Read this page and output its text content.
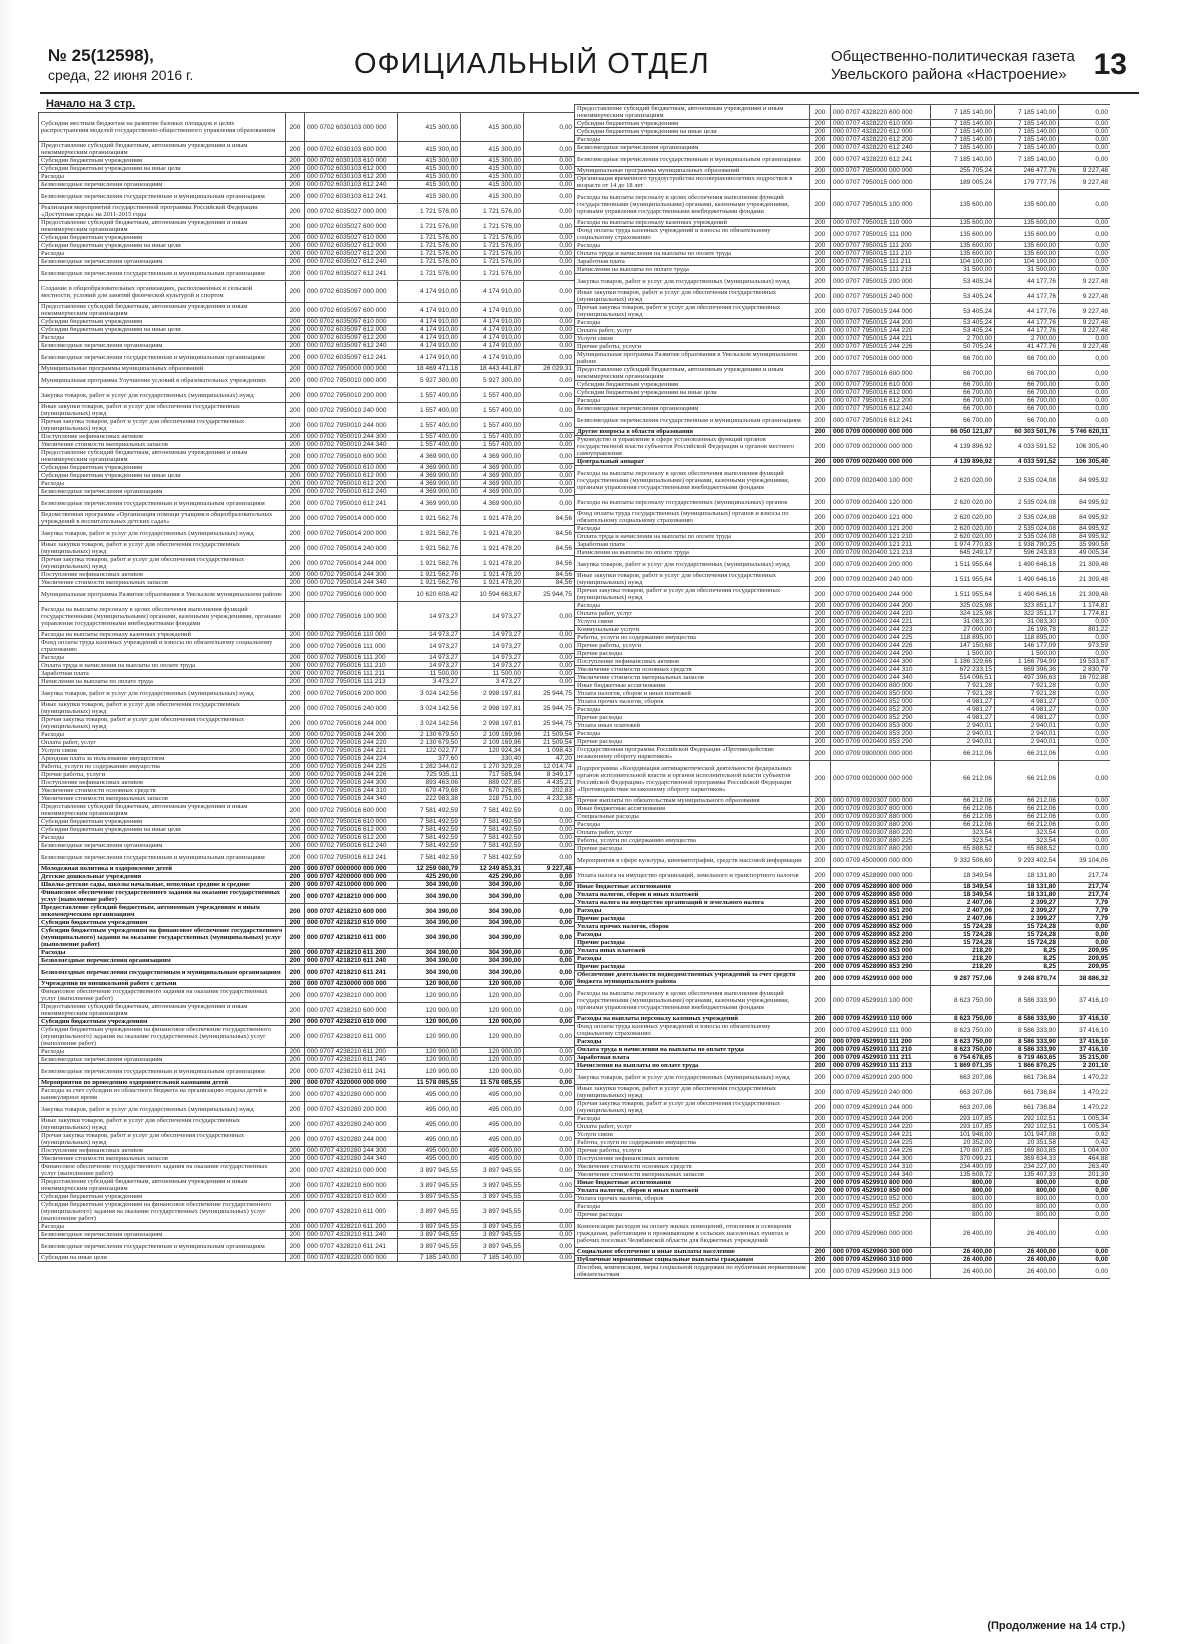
№ 25(12598),
среда, 22 июня 2016 г.	ОФИЦИАЛЬНЫЙ ОТДЕЛ	Общественно-политическая газета
Увельского района «Настроение» 13
Начало на 3 стр.
Субсидии местным бюджетам на развитие базовых площадок в целях распространения моделей государственно-общественного управления образованием	200	000 0702 6030103 000 000	415 300,00	415 300,00	0,00
Предоставление субсидий бюджетным, автономным учреждениям и иным некоммерческим организациям	200	000 0702 6030103 600 000	415 300,00	415 300,00	0,00
Субсидии бюджетным учреждениям	200	000 0702 6030103 610 000	415 300,00	415 300,00	0,00
Субсидии бюджетным учреждениям на иные цели	200	000 0702 6030103 612 000	415 300,00	415 300,00	0,00
Расходы	200	000 0702 6030103 612 200	415 300,00	415 300,00	0,00
Безвозмездные перечисления организациям	200	000 0702 6030103 612 240	415 300,00	415 300,00	0,00
Безвозмездные перечисления государственным и муниципальным организациям	200	000 0702 6030103 612 241	415 300,00	415 300,00	0,00
Реализация мероприятий государственной программы Российской Федерации «Доступная среда» на 2011-2015 годы	200	000 0702 6035027 000 000	1 721 576,00	1 721 576,00	0,00
Предоставление субсидий бюджетным, автономным учреждениям и иным некоммерческим организациям	200	000 0702 6035027 600 000	1 721 576,00	1 721 576,00	0,00
Субсидии бюджетным учреждениям	200	000 0702 6035027 610 000	1 721 576,00	1 721 576,00	0,00
Субсидии бюджетным учреждениям на иные цели	200	000 0702 6035027 612 000	1 721 576,00	1 721 576,00	0,00
Расходы	200	000 0702 6035027 612 200	1 721 576,00	1 721 576,00	0,00
Безвозмездные перечисления организациям	200	000 0702 6035027 612 240	1 721 576,00	1 721 576,00	0,00
Безвозмездные перечисления государственным и муниципальным организациям	200	000 0702 6035027 612 241	1 721 576,00	1 721 576,00	0,00
Создание в общеобразовательных организациях, расположенных в сельской местности, условий для занятий физической культурой и спортом	200	000 0702 6035097 000 000	4 174 910,00	4 174 910,00	0,00
Предоставление субсидий бюджетным, автономным учреждениям и иным некоммерческим организациям	200	000 0702 6035097 600 000	4 174 910,00	4 174 910,00	0,00
Субсидии бюджетным учреждениям	200	000 0702 6035097 610 000	4 174 910,00	4 174 910,00	0,00
Субсидии бюджетным учреждениям на иные цели	200	000 0702 6035097 612 000	4 174 910,00	4 174 910,00	0,00
Расходы	200	000 0702 6035097 612 200	4 174 910,00	4 174 910,00	0,00
Безвозмездные перечисления организациям	200	000 0702 6035097 612 240	4 174 910,00	4 174 910,00	0,00
Безвозмездные перечисления государственным и муниципальным организациям	200	000 0702 6035097 612 241	4 174 910,00	4 174 910,00	0,00
Муниципальные программы муниципальных образований	200	000 0702 7950000 000 000	18 469 471,18	18 443 441,87	26 029,31
Муниципальная программа Улучшение условий в образовательных учреждениях	200	000 0702 7950010 000 000	5 927 300,00	5 927 300,00	0,00
Закупка товаров, работ и услуг для государственных (муниципальных) нужд	200	000 0702 7950010 200 000	1 557 400,00	1 557 400,00	0,00
Иные закупки товаров, работ и услуг для обеспечения государственных (муниципальных) нужд	200	000 0702 7950010 240 000	1 557 400,00	1 557 400,00	0,00
Прочая закупка товаров, работ и услуг для обеспечения государственных (муниципальных) нужд	200	000 0702 7950010 244 000	1 557 400,00	1 557 400,00	0,00
Поступление нефинансовых активов	200	000 0702 7950010 244 300	1 557 400,00	1 557 400,00	0,00
Увеличение стоимости материальных запасов	200	000 0702 7950010 244 340	1 557 400,00	1 557 400,00	0,00
Предоставление субсидий бюджетным, автономным учреждениям и иным некоммерческим организациям	200	000 0702 7950010 600 000	4 369 900,00	4 369 900,00	0,00
Субсидии бюджетным учреждениям	200	000 0702 7950010 610 000	4 369 900,00	4 369 900,00	0,00
Субсидии бюджетным учреждениям на иные цели	200	000 0702 7950010 612 000	4 369 900,00	4 369 900,00	0,00
Расходы	200	000 0702 7950010 612 200	4 369 900,00	4 369 900,00	0,00
Безвозмездные перечисления организациям	200	000 0702 7950010 612 240	4 369 900,00	4 369 900,00	0,00
Безвозмездные перечисления государственным и муниципальным организациям	200	000 0702 7950010 612 241	4 369 900,00	4 369 900,00	0,00
Ведомственная программа «Организация помощи учащимся общеобразовательных учреждений в воспитательных детских садах»	200	000 0702 7950014 000 000	1 921 562,76	1 921 478,20	84,56
Закупка товаров, работ и услуг для государственных (муниципальных) нужд	200	000 0702 7950014 200 000	1 921 562,76	1 921 478,20	84,56
Иные закупки товаров, работ и услуг для обеспечения государственных (муниципальных) нужд	200	000 0702 7950014 240 000	1 921 562,76	1 921 478,20	84,56
Прочая закупка товаров, работ и услуг для обеспечения государственных (муниципальных) нужд	200	000 0702 7950014 244 000	1 921 562,76	1 921 478,20	84,56
Поступление нефинансовых активов	200	000 0702 7950014 244 300	1 921 562,76	1 921 478,20	84,56
Увеличение стоимости материальных запасов	200	000 0702 7950014 244 340	1 921 562,76	1 921 478,20	84,56
Муниципальная программа Развитие образования в Увельском муниципальном районе	200	000 0702 7950016 000 000	10 620 608,42	10 594 663,67	25 944,75
Расходы на выплаты персоналу в целях обеспечения выполнения функций государственными (муниципальными) органами, казенными учреждениями, органами управления государственными внебюджетными фондами	200	000 0702 7950016 100 000	14 973,27	14 973,27	0,00
Расходы на выплаты персоналу казенных учреждений	200	000 0702 7950016 110 000	14 973,27	14 973,27	0,00
Фонд оплаты труда казенных учреждений и взносы по обязательному социальному страхованию	200	000 0702 7950016 111 000	14 973,27	14 973,27	0,00
Расходы	200	000 0702 7950016 111 200	14 973,27	14 973,27	0,00
Оплата труда и начисления на выплаты по оплате труда	200	000 0702 7950016 111 210	14 973,27	14 973,27	0,00
Заработная плата	200	000 0702 7950016 111 211	11 500,00	11 500,00	0,00
Начисления на выплаты по оплате труда	200	000 0702 7950016 111 213	3 473,27	3 473,27	0,00
Закупка товаров, работ и услуг для государственных (муниципальных) нужд	200	000 0702 7950016 200 000	3 024 142,56	2 998 197,81	25 944,75
Иные закупки товаров, работ и услуг для обеспечения государственных (муниципальных) нужд	200	000 0702 7950016 240 000	3 024 142,56	2 998 197,81	25 944,75
Прочая закупка товаров, работ и услуг для обеспечения государственных (муниципальных) нужд	200	000 0702 7950016 244 000	3 024 142,56	2 998 197,81	25 944,75
Расходы	200	000 0702 7950016 244 200	2 130 679,50	2 109 169,96	21 509,54
Оплата работ, услуг	200	000 0702 7950016 244 220	2 130 679,50	2 109 169,96	21 509,54
Услуги связи	200	000 0702 7950016 244 221	122 022,77	120 924,34	1 098,43
Арендная плата за пользование имуществом	200	000 0702 7950016 244 224	377,60	330,40	47,20
Работы, услуги по содержанию имущества	200	000 0702 7950016 244 225	1 282 344,02	1 270 329,28	12 014,74
Прочие работы, услуги	200	000 0702 7950016 244 226	725 935,11	717 585,94	8 349,17
Поступление нефинансовых активов	200	000 0702 7950016 244 300	893 463,06	889 027,85	4 435,21
Увеличение стоимости основных средств	200	000 0702 7950016 244 310	670 479,68	670 276,85	202,83
Увеличение стоимости материальных запасов	200	000 0702 7950016 244 340	222 983,38	218 751,00	4 232,38
Предоставление субсидий бюджетным, автономным учреждениям и иным некоммерческим организациям	200	000 0702 7950016 600 000	7 581 492,59	7 581 492,59	0,00
Субсидии бюджетным учреждениям	200	000 0702 7950016 610 000	7 581 492,59	7 581 492,59	0,00
Субсидии бюджетным учреждениям на иные цели	200	000 0702 7950016 612 000	7 581 492,59	7 581 492,59	0,00
Расходы	200	000 0702 7950016 612 200	7 581 492,59	7 581 492,59	0,00
Безвозмездные перечисления организациям	200	000 0702 7950016 612 240	7 581 492,59	7 581 492,59	0,00
Безвозмездные перечисления государственным и муниципальным организациям	200	000 0702 7950016 612 241	7 581 492,59	7 581 492,59	0,00
Молодежная политика и оздоровление детей	200	000 0707 0000000 000 000	12 259 080,79	12 249 853,31	9 227,48
Детские дошкольные учреждения	200	000 0707 4200000 000 000	425 290,00	425 290,00	0,00
Школы-детские сады, школы начальные, неполные средние и средние	200	000 0707 4210000 000 000	304 390,00	304 390,00	0,00
Финансовое обеспечение государственного задания на оказание государственных услуг (выполнение работ)	200	000 0707 4218210 000 000	304 390,00	304 390,00	0,00
Предоставление субсидий бюджетным, автономным учреждениям и иным некоммерческим организациям	200	000 0707 4218210 600 000	304 390,00	304 390,00	0,00
Субсидии бюджетным учреждениям	200	000 0707 4218210 610 000	304 390,00	304 390,00	0,00
Субсидии бюджетным учреждениям на финансовое обеспечение государственного (муниципального) задания на оказание государственных (муниципальных) услуг (выполнение работ)	200	000 0707 4218210 611 000	304 390,00	304 390,00	0,00
Расходы	200	000 0707 4218210 611 200	304 390,00	304 390,00	0,00
Безвозмездные перечисления организациям	200	000 0707 4218210 611 240	304 390,00	304 390,00	0,00
Безвозмездные перечисления государственным и муниципальным организациям	200	000 0707 4218210 611 241	304 390,00	304 390,00	0,00
Учреждения по внешкольной работе с детьми	200	000 0707 4230000 000 000	120 900,00	120 900,00	0,00
Финансовое обеспечение государственного задания на оказание государственных услуг (выполнение работ)	200	000 0707 4238210 000 000	120 900,00	120 900,00	0,00
Предоставление субсидий бюджетным, автономным учреждениям и иным некоммерческим организациям	200	000 0707 4238210 600 000	120 900,00	120 900,00	0,00
Субсидии бюджетным учреждениям	200	000 0707 4238210 610 000	120 900,00	120 900,00	0,00
Субсидии бюджетным учреждениям на финансовое обеспечение государственного (муниципального) задания на оказание государственных (муниципальных) услуг (выполнение работ)	200	000 0707 4238210 611 000	120 900,00	120 900,00	0,00
Расходы	200	000 0707 4238210 611 200	120 900,00	120 900,00	0,00
Безвозмездные перечисления организациям	200	000 0707 4238210 611 240	120 900,00	120 900,00	0,00
Безвозмездные перечисления государственным и муниципальным организациям	200	000 0707 4238210 611 241	120 900,00	120 900,00	0,00
Мероприятия по проведению оздоровительной кампании детей	200	000 0707 4320000 000 000	11 578 085,55	11 578 085,55	0,00
Расходы за счет субсидии из областного бюджета на организацию отдыха детей в каникулярное время	200	000 0707 4320280 000 000	495 000,00	495 000,00	0,00
Закупка товаров, работ и услуг для государственных (муниципальных) нужд	200	000 0707 4320280 200 000	495 000,00	495 000,00	0,00
Иные закупки товаров, работ и услуг для обеспечения государственных (муниципальных) нужд	200	000 0707 4320280 240 000	495 000,00	495 000,00	0,00
Прочая закупка товаров, работ и услуг для обеспечения государственных (муниципальных) нужд	200	000 0707 4320280 244 000	495 000,00	495 000,00	0,00
Поступление нефинансовых активов	200	000 0707 4320280 244 300	495 000,00	495 000,00	0,00
Увеличение стоимости материальных запасов	200	000 0707 4320280 244 340	495 000,00	495 000,00	0,00
Финансовое обеспечение государственного задания на оказание государственных услуг (выполнение работ)	200	000 0707 4328210 000 000	3 897 945,55	3 897 945,55	0,00
Предоставление субсидий бюджетным, автономным учреждениям и иным некоммерческим организациям	200	000 0707 4328210 600 000	3 897 945,55	3 897 945,55	0,00
Субсидии бюджетным учреждениям	200	000 0707 4328210 610 000	3 897 945,55	3 897 945,55	0,00
Субсидии бюджетным учреждениям на финансовое обеспечение государственного (муниципального) задания на оказание государственных (муниципальных) услуг (выполнение работ)	200	000 0707 4328210 611 000	3 897 945,55	3 897 945,55	0,00
Расходы	200	000 0707 4328210 611 200	3 897 945,55	3 897 945,55	0,00
Безвозмездные перечисления организациям	200	000 0707 4328210 611 240	3 897 945,55	3 897 945,55	0,00
Безвозмездные перечисления государственным и муниципальным организациям	200	000 0707 4328210 611 241	3 897 945,55	3 897 945,55	0,00
Субсидии на иные цели	200	000 0707 4328220 000 000	7 185 140,00	7 185 140,00	0,00
Предоставление субсидий бюджетным, автономным учреждениям и иным некоммерческим организациям	200	000 0707 4328220 600 000	7 185 140,00	7 185 140,00	0,00
Субсидии бюджетным учреждениям	200	000 0707 4328220 610 000	7 185 140,00	7 185 140,00	0,00
Субсидии бюджетным учреждениям на иные цели	200	000 0707 4328220 612 000	7 185 140,00	7 185 140,00	0,00
Расходы	200	000 0707 4328220 612 200	7 185 140,00	7 185 140,00	0,00
Безвозмездные перечисления организациям	200	000 0707 4328220 612 240	7 185 140,00	7 185 140,00	0,00
Безвозмездные перечисления государственным и муниципальным организациям	200	000 0707 4328220 612 241	7 185 140,00	7 185 140,00	0,00
Муниципальные программы муниципальных образований	200	000 0707 7950000 000 000	255 705,24	246 477,76	9 227,48
Организация временного трудоустройства несовершеннолетних подростков в возрасте от 14 до 18 лет	200	000 0707 7950015 000 000	189 005,24	179 777,76	9 227,48
Расходы на выплаты персоналу в целях обеспечения выполнения функций государственными (муниципальными) органами, казенными учреждениями, органами управления государственными внебюджетными фондами	200	000 0707 7950015 100 000	135 600,00	135 600,00	0,00
Расходы на выплаты персоналу казенных учреждений	200	000 0707 7950015 110 000	135 600,00	135 600,00	0,00
Фонд оплаты труда казенных учреждений и взносы по обязательному социальному страхованию	200	000 0707 7950015 111 000	135 600,00	135 600,00	0,00
Расходы	200	000 0707 7950015 111 200	135 600,00	135 600,00	0,00
Оплата труда и начисления на выплаты по оплате труда	200	000 0707 7950015 111 210	135 600,00	135 600,00	0,00
Заработная плата	200	000 0707 7950015 111 211	104 100,00	104 100,00	0,00
Начисления на выплаты по оплате труда	200	000 0707 7950015 111 213	31 500,00	31 500,00	0,00
Закупка товаров, работ и услуг для государственных (муниципальных) нужд	200	000 0707 7950015 200 000	53 405,24	44 177,76	9 227,48
Иные закупки товаров, работ и услуг для обеспечения государственных (муниципальных) нужд	200	000 0707 7950015 240 000	53 405,24	44 177,76	9 227,48
Прочая закупка товаров, работ и услуг для обеспечения государственных (муниципальных) нужд	200	000 0707 7950015 244 000	53 405,24	44 177,76	9 227,48
Расходы	200	000 0707 7950015 244 200	53 405,24	44 177,76	9 227,48
Оплата работ, услуг	200	000 0707 7950015 244 220	53 405,24	44 177,76	9 227,48
Услуги связи	200	000 0707 7950015 244 221	2 700,00	2 700,00	0,00
Прочие работы, услуги	200	000 0707 7950015 244 226	50 705,24	41 477,76	9 227,48
Муниципальная программа Развитие образования в Увельском муниципальном районе	200	000 0707 7950016 000 000	66 700,00	66 700,00	0,00
Предоставление субсидий бюджетным, автономным учреждениям и иным некоммерческим организациям	200	000 0707 7950016 600 000	66 700,00	66 700,00	0,00
Субсидии бюджетным учреждениям	200	000 0707 7950016 610 000	66 700,00	66 700,00	0,00
Субсидии бюджетным учреждениям на иные цели	200	000 0707 7950016 612 000	66 700,00	66 700,00	0,00
Расходы	200	000 0707 7950016 612 200	66 700,00	66 700,00	0,00
Безвозмездные перечисления организациям	200	000 0707 7950016 612 240	66 700,00	66 700,00	0,00
Безвозмездные перечисления государственным и муниципальным организациям	200	000 0707 7950016 612 241	66 700,00	66 700,00	0,00
Другие вопросы в области образования	200	000 0709 0000000 000 000	66 050 121,87	60 303 501,76	5 746 620,11
Руководство и управление в сфере установленных функций органов государственной власти субъектов Российской Федерации и органов местного самоуправления	200	000 0709 0020000 000 000	4 139 896,92	4 033 591,52	106 305,40
Центральный аппарат	200	000 0709 0020400 000 000	4 139 896,92	4 033 591,52	106 305,40
Расходы на выплаты персоналу в целях обеспечения выполнения функций государственными (муниципальными) органами, казенными учреждениями, органами управления государственными внебюджетными фондами	200	000 0709 0020400 100 000	2 620 020,00	2 535 024,08	84 995,92
Расходы на выплаты персоналу государственных (муниципальных) органов	200	000 0709 0020400 120 000	2 620 020,00	2 535 024,08	84 995,92
Фонд оплаты труда государственных (муниципальных) органов и взносы по обязательному социальному страхованию	200	000 0709 0020400 121 000	2 620 020,00	2 535 024,08	84 995,92
Расходы	200	000 0709 0020400 121 200	2 620 020,00	2 535 024,08	84 995,92
Оплата труда и начисления на выплаты по оплате труда	200	000 0709 0020400 121 210	2 620 020,00	2 535 024,08	84 995,92
Заработная плата	200	000 0709 0020400 121 211	1 974 770,83	1 938 780,25	35 990,58
Начисления на выплаты по оплате труда	200	000 0709 0020400 121 213	645 249,17	596 243,83	49 005,34
Закупка товаров, работ и услуг для государственных (муниципальных) нужд	200	000 0709 0020400 200 000	1 511 955,64	1 490 646,16	21 309,48
Иные закупки товаров, работ и услуг для обеспечения государственных (муниципальных) нужд	200	000 0709 0020400 240 000	1 511 955,64	1 490 646,16	21 309,48
Прочая закупка товаров, работ и услуг для обеспечения государственных (муниципальных) нужд	200	000 0709 0020400 244 000	1 511 955,64	1 490 646,16	21 309,48
Расходы	200	000 0709 0020400 244 200	325 025,98	323 851,17	1 174,81
Оплата работ, услуг	200	000 0709 0020400 244 220	324 125,98	322 351,17	1 774,81
Услуги связи	200	000 0709 0020400 244 221	31 083,30	31 083,30	0,00
Коммунальные услуги	200	000 0709 0020400 244 223	27 000,00	26 198,78	801,22
Работы, услуги по содержанию имущества	200	000 0709 0020400 244 225	118 895,00	118 895,00	0,00
Прочие работы, услуги	200	000 0709 0020400 244 226	147 150,68	146 177,09	973,59
Прочие расходы	200	000 0709 0020400 244 290	1 500,00	1 500,00	0,00
Поступление нефинансовых активов	200	000 0709 0020400 244 300	1 186 329,66	1 166 794,99	19 533,67
Увеличение стоимости основных средств	200	000 0709 0020400 244 310	672 233,15	669 396,36	2 830,79
Увеличение стоимости материальных запасов	200	000 0709 0020400 244 340	514 096,51	497 396,63	16 702,88
Иные бюджетные ассигнования	200	000 0709 0020400 800 000	7 921,28	7 921,28	0,00
Уплата налогов, сборов и иных платежей	200	000 0709 0020400 850 000	7 921,28	7 921,28	0,00
Уплата прочих налогов, сборов	200	000 0709 0020400 852 000	4 981,27	4 981,27	0,00
Расходы	200	000 0709 0020400 852 200	4 981,27	4 981,27	0,00
Прочие расходы	200	000 0709 0020400 852 290	4 981,27	4 981,27	0,00
Уплата иных платежей	200	000 0709 0020400 853 000	2 940,01	2 940,01	0,00
Расходы	200	000 0709 0020400 853 200	2 940,01	2 940,01	0,00
Прочие расходы	200	000 0709 0020400 853 290	2 940,01	2 940,01	0,00
Государственная программа Российской Федерации «Противодействие незаконному обороту наркотиков»	200	000 0709 0900000 000 000	66 212,06	66 212,06	0,00
Подпрограмма «Координация антинаркотической деятельности федеральных органов исполнительной власти и органов исполнительной власти субъектов Российской Федерации» государственной программы Российской Федерации «Противодействие незаконному обороту наркотиков»	200	000 0709 0920000 000 000	66 212,06	66 212,06	0,00
Прочие выплаты по обязательствам муниципального образования	200	000 0709 0920307 000 000	66 212,06	66 212,06	0,00
Иные бюджетные ассигнования	200	000 0709 0920307 800 000	66 212,06	66 212,06	0,00
Специальные расходы	200	000 0709 0920307 880 000	66 212,06	66 212,06	0,00
Расходы	200	000 0709 0920307 880 200	66 212,06	66 212,06	0,00
Оплата работ, услуг	200	000 0709 0920307 880 220	323,54	323,54	0,00
Работы, услуги по содержанию имущества	200	000 0709 0920307 880 225	323,54	323,54	0,00
Прочие расходы	200	000 0709 0920307 880 290	65 888,52	65 888,52	0,00
Мероприятия в сфере культуры, кинематографии, средств массовой информации	200	000 0709 4500000 000 000	9 332 506,60	9 293 402,54	39 104,06
Уплата налога на имущество организаций, земельного и транспортного налогов	200	000 0709 4528990 000 000	18 349,54	18 131,80	217,74
Иные бюджетные ассигнования	200	000 0709 4528990 800 000	18 349,54	18 131,80	217,74
Уплата налогов, сборов и иных платежей	200	000 0709 4528990 850 000	18 349,54	18 131,80	217,74
Уплата налога на имущество организаций и земельного налога	200	000 0709 4528990 851 000	2 407,06	2 399,27	7,79
Расходы	200	000 0709 4528990 851 200	2 407,06	2 399,27	7,79
Прочие расходы	200	000 0709 4528990 851 290	2 407,06	2 399,27	7,79
Уплата прочих налогов, сборов	200	000 0709 4528990 852 000	15 724,28	15 724,28	0,00
Расходы	200	000 0709 4528990 852 200	15 724,28	15 724,28	0,00
Прочие расходы	200	000 0709 4528990 852 290	15 724,28	15 724,28	0,00
Уплата иных платежей	200	000 0709 4528990 853 000	218,20	8,25	209,95
Расходы	200	000 0709 4528990 853 200	218,20	8,25	209,95
Прочие расходы	200	000 0709 4528990 853 290	218,20	8,25	209,95
Обеспечение деятельности подведомственных учреждений за счет средств бюджета муниципального района	200	000 0709 4529910 000 000	9 287 757,06	9 248 870,74	38 886,32
Расходы на выплаты персоналу в целях обеспечения выполнения функций государственными (муниципальными) органами, казенными учреждениями, органами управления государственными внебюджетными фондами	200	000 0709 4529910 100 000	8 623 750,00	8 586 333,90	37 416,10
Расходы на выплаты персоналу казенных учреждений	200	000 0709 4529910 110 000	8 623 750,00	8 586 333,90	37 416,10
Фонд оплаты труда казенных учреждений и взносы по обязательному социальному страхованию	200	000 0709 4529910 111 000	8 623 750,00	8 586 333,90	37 416,10
Расходы	200	000 0709 4529910 111 200	8 623 750,00	8 586 333,90	37 416,10
Оплата труда и начисления на выплаты по оплате труда	200	000 0709 4529910 111 210	8 623 750,00	8 586 333,90	37 416,10
Заработная плата	200	000 0709 4529910 111 211	6 754 678,65	6 719 463,65	35 215,00
Начисления на выплаты по оплате труда	200	000 0709 4529910 111 213	1 869 071,35	1 866 870,25	2 201,10
Закупка товаров, работ и услуг для государственных (муниципальных) нужд	200	000 0709 4529910 200 000	663 207,06	661 736,84	1 470,22
Иные закупки товаров, работ и услуг для обеспечения государственных (муниципальных) нужд	200	000 0709 4529910 240 000	663 207,06	661 736,84	1 470,22
Прочая закупка товаров, работ и услуг для обеспечения государственных (муниципальных) нужд	200	000 0709 4529910 244 000	663 207,06	661 736,84	1 470,22
Расходы	200	000 0709 4529910 244 200	293 107,85	292 102,51	1 005,34
Оплата работ, услуг	200	000 0709 4529910 244 220	293 107,85	292 102,51	1 005,34
Услуги связи	200	000 0709 4529910 244 221	101 948,00	101 947,08	0,92
Работы, услуги по содержанию имущества	200	000 0709 4529910 244 225	20 352,00	20 351,58	0,42
Прочие работы, услуги	200	000 0709 4529910 244 226	170 807,85	169 803,85	1 004,00
Поступление нефинансовых активов	200	000 0709 4529910 244 300	370 099,21	369 634,33	464,88
Увеличение стоимости основных средств	200	000 0709 4529910 244 310	234 490,09	234 227,00	263,49
Увеличение стоимости материальных запасов	200	000 0709 4529910 244 340	135 608,72	135 407,33	201,39
Иные бюджетные ассигнования	200	000 0709 4529910 800 000	800,00	800,00	0,00
Уплата налогов, сборов и иных платежей	200	000 0709 4529910 850 000	800,00	800,00	0,00
Уплата прочих налогов, сборов	200	000 0709 4529910 852 000	800,00	800,00	0,00
Расходы	200	000 0709 4529910 852 200	800,00	800,00	0,00
Прочие расходы	200	000 0709 4529910 852 290	800,00	800,00	0,00
Компенсация расходов на оплату жилых помещений, отопления и освещения гражданам, работающим и проживающим в сельских населенных пунктах и рабочих поселках Челябинской области для бюджетных учреждений	200	000 0709 4529960 000 000	26 400,00	26 400,00	0,00
Социальное обеспечение и иные выплаты населению	200	000 0709 4529960 300 000	26 400,00	26 400,00	0,00
Публичные нормативные социальные выплаты гражданам	200	000 0709 4529960 310 000	26 400,00	26 400,00	0,00
Пособия, компенсации, меры социальной поддержки по публичным нормативным обязательствам	200	000 0709 4529960 313 000	26 400,00	26 400,00	0,00
(Продолжение на 14 стр.)
